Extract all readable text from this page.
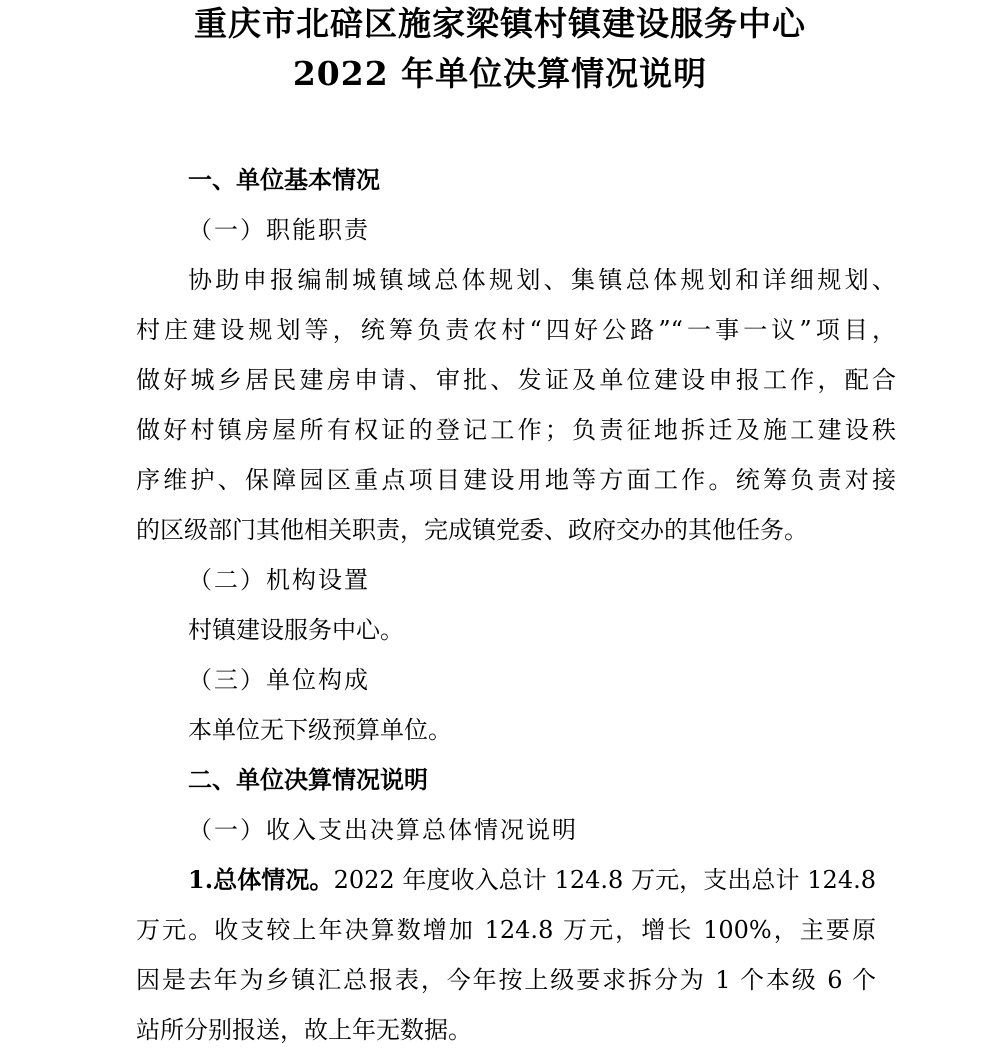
重庆市北碚区施家梁镇村镇建设服务中心
2022 年单位决算情况说明
一、单位基本情况
（一）职能职责
协助申报编制城镇域总体规划、集镇总体规划和详细规划、
村庄建设规划等，统筹负责农村“四好公路”“一事一议”项目，
做好城乡居民建房申请、审批、发证及单位建设申报工作，配合
做好村镇房屋所有权证的登记工作；负责征地拆迁及施工建设秩
序维护、保障园区重点项目建设用地等方面工作。统筹负责对接
的区级部门其他相关职责，完成镇党委、政府交办的其他任务。
（二）机构设置
村镇建设服务中心。
（三）单位构成
本单位无下级预算单位。
二、单位决算情况说明
（一）收入支出决算总体情况说明
1.总体情况。2022 年度收入总计 124.8 万元，支出总计 124.8
万元。收支较上年决算数增加 124.8 万元，增长 100%，主要原
因是去年为乡镇汇总报表，今年按上级要求拆分为 1 个本级 6 个
站所分别报送，故上年无数据。
